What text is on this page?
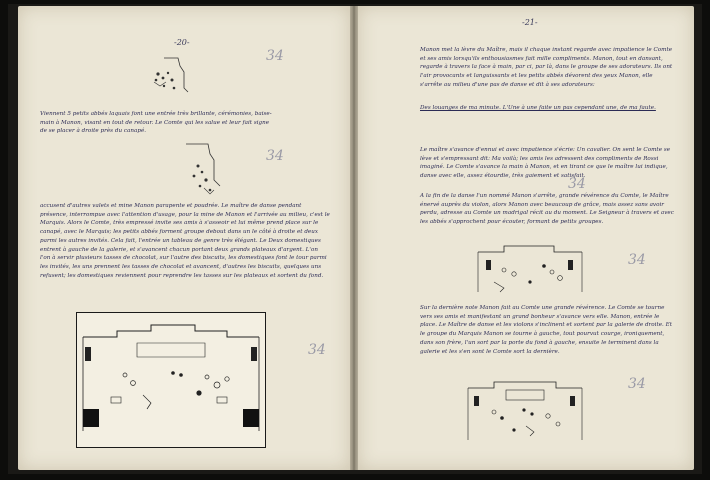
-20-
34
34
34

Viennent 5 petits abbés laquais font une entrée très brillante, cérémonies, baise-main à Manon, visant en tout de retour. Le Comte qui les salue et leur fait signe de se placer à droite près du canapé.

accusent d'autres valets et mine Manon parapente et poudrée. Le maître de danse pendant présence, interrompue avec l'attention d'usage, pour la mine de Manon et l'arrivée au milieu, c'est le Marquis. Alors le Comte, très empressé invite ses amis à s'asseoir et lui même prend place sur le canapé, avec le Marquis; les petits abbés forment groupe debout dans un le côté à droite et deux parmi les autres invités. Cela fait, l'entrée un tableau de genre très élégant. Le Deux domestiques entrent à gauche de la galerie, et s'avancent chacun portant deux grands plateaux d'argent. L'on l'on à servir plusieurs tasses de chocolat, sur l'autre des biscuits, les domestiques font le tour parmi les invités, les uns prennent les tasses de chocolat et avancent, d'autres les biscuits, quelques uns refusent; les domestiques reviennent pour reprendre les tasses sur les plateaux et sortent du fond.

-21-
34
34
34

Manon met la lèvre du Maître, mais il chaque instant regarde avec impatience le Comte et ses amis lorsqu'ils enthousiasmes fait mille compliments. Manon, tout en dansant, regarde à travers la face à main, par ci, par là, dans le groupe de ses adorateurs. Ils ont l'air provocants et languissants et les petits abbés dévorent des yeux Manon, elle s'arrête au milieu d'une pas de danse et dit à ses adorateurs:

Des louanges de ma minute. L'Une à une faite un pas cependant une, de ma faute.

Le maître s'avance d'ennui et avec impatience s'écrie: Un cavalier. On sent le Comte se lève et s'empressant dit: Ma voilà; les amis les adressent des compliments de Rossi imaginé. Le Comte s'avance la main à Manon, et en tirant ce que le maître lui indique, danse avec elle, assez étourdie, très gaiement et satisfait.

A la fin de la danse l'un nommé Manon s'arrête, grande révérence du Comte, le Maître énervé auprès du violon, alors Manon avec beaucoup de grâce, mais assez sans avoir perdu, adresse au Comte un madrigal récit au du moment. Le Seigneur à travers et avec les abbés s'approchent pour écouter, formant de petits groupes.

Sur la dernière note Manon fait au Comte une grande révérence. Le Comte se tourne vers ses amis et manifestant un grand bonheur s'avance vers elle. Manon, entrée le place. Le Maître de danse et les violons s'inclinent et sortent par la galerie de droite. Et le groupe du Marquis Manon se tourne à gauche, tout pourvut courge, ironiquement, dans son frère, l'un sort par la porte du fond à gauche, ensuite le terminent dans la galerie et les s'en sont le Comte sort la dernière.
